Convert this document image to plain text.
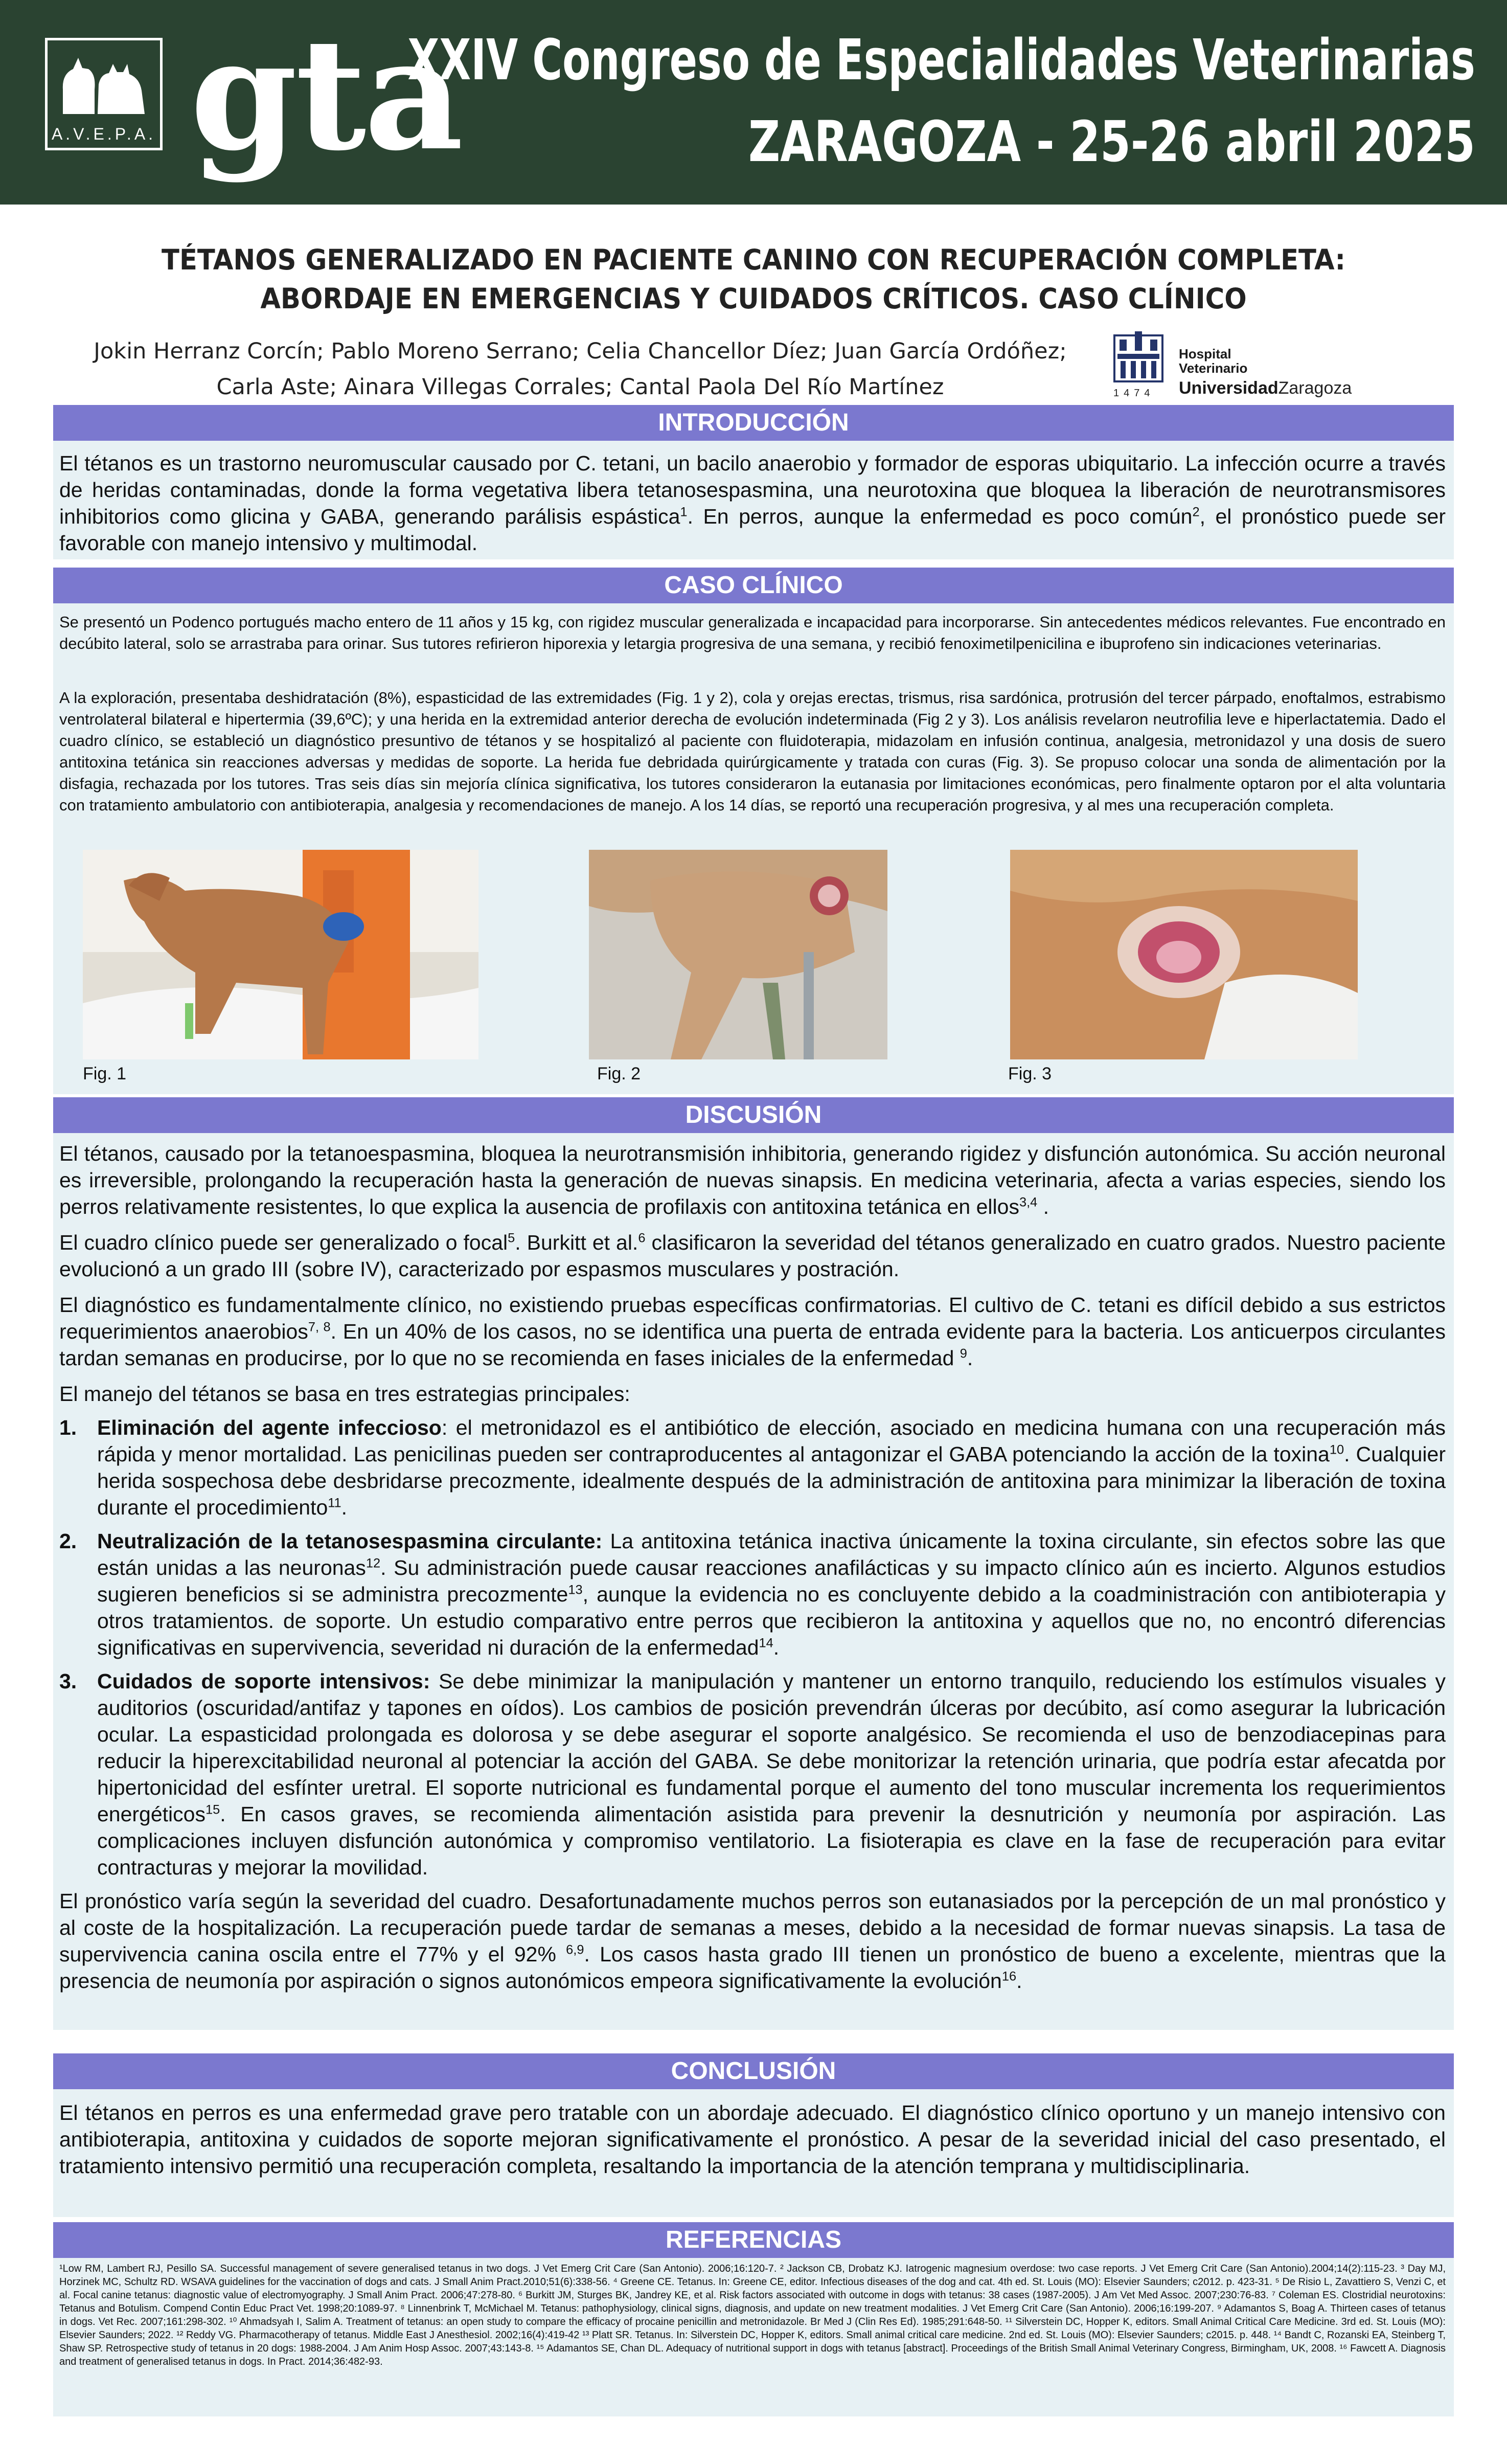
A.V.E.P.A. gta
XXIV Congreso de Especialidades Veterinarias
ZARAGOZA - 25-26 abril 2025
TÉTANOS GENERALIZADO EN PACIENTE CANINO CON RECUPERACIÓN COMPLETA: ABORDAJE EN EMERGENCIAS Y CUIDADOS CRÍTICOS. CASO CLÍNICO
Jokin Herranz Corcín; Pablo Moreno Serrano; Celia Chancellor Díez; Juan García Ordóñez;
Carla Aste; Ainara Villegas Corrales; Cantal Paola Del Río Martínez	1474
Hospital
Veterinario
UniversidadZaragoza
INTRODUCCIÓN
El tétanos es un trastorno neuromuscular causado por C. tetani, un bacilo anaerobio y formador de esporas ubiquitario. La infección ocurre a través de heridas contaminadas, donde la forma vegetativa libera tetanosespasmina, una neurotoxina que bloquea la liberación de neurotransmisores inhibitorios como glicina y GABA, generando parálisis espástica$^1$. En perros, aunque la enfermedad es poco común$^2$, el pronóstico puede ser favorable con manejo intensivo y multimodal.
CASO CLÍNICO
Se presentó un Podenco portugués macho entero de 11 años y 15 kg, con rigidez muscular generalizada e incapacidad para incorporarse. Sin antecedentes médicos relevantes. Fue encontrado en decúbito lateral, solo se arrastraba para orinar. Sus tutores refirieron hiporexia y letargia progresiva de una semana, y recibió fenoximetilpenicilina e ibuprofeno sin indicaciones veterinarias.
A la exploración, presentaba deshidratación (8%), espasticidad de las extremidades (Fig. 1 y 2), cola y orejas erectas, trismus, risa sardónica, protrusión del tercer párpado, enoftalmos, estrabismo ventrolateral bilateral e hipertermia (39,6ºC); y una herida en la extremidad anterior derecha de evolución indeterminada (Fig 2 y 3). Los análisis revelaron neutrofilia leve e hiperlactatemia. Dado el cuadro clínico, se estableció un diagnóstico presuntivo de tétanos y se hospitalizó al paciente con fluidoterapia, midazolam en infusión continua, analgesia, metronidazol y una dosis de suero antitoxina tetánica sin reacciones adversas y medidas de soporte. La herida fue debridada quirúrgicamente y tratada con curas (Fig. 3). Se propuso colocar una sonda de alimentación por la disfagia, rechazada por los tutores. Tras seis días sin mejoría clínica significativa, los tutores consideraron la eutanasia por limitaciones económicas, pero finalmente optaron por el alta voluntaria con tratamiento ambulatorio con antibioterapia, analgesia y recomendaciones de manejo. A los 14 días, se reportó una recuperación progresiva, y al mes una recuperación completa.
Fig. 1	Fig. 2	Fig. 3
DISCUSIÓN

El tétanos, causado por la tetanoespasmina, bloquea la neurotransmisión inhibitoria, generando rigidez y disfunción autonómica. Su acción neuronal es irreversible, prolongando la recuperación hasta la generación de nuevas sinapsis. En medicina veterinaria, afecta a varias especies, siendo los perros relativamente resistentes, lo que explica la ausencia de profilaxis con antitoxina tetánica en ellos$^{3,4}$ .

El cuadro clínico puede ser generalizado o focal$^5$. Burkitt et al.$^6$ clasificaron la severidad del tétanos generalizado en cuatro grados. Nuestro paciente evolucionó a un grado III (sobre IV), caracterizado por espasmos musculares y postración.

El diagnóstico es fundamentalmente clínico, no existiendo pruebas específicas confirmatorias. El cultivo de C. tetani es difícil debido a sus estrictos requerimientos anaerobios$^{7, 8}$. En un 40% de los casos, no se identifica una puerta de entrada evidente para la bacteria. Los anticuerpos circulantes tardan semanas en producirse, por lo que no se recomienda en fases iniciales de la enfermedad $^9$.

El manejo del tétanos se basa en tres estrategias principales:

1. Eliminación del agente infeccioso: el metronidazol es el antibiótico de elección, asociado en medicina humana con una recuperación más rápida y menor mortalidad. Las penicilinas pueden ser contraproducentes al antagonizar el GABA potenciando la acción de la toxina$^{10}$. Cualquier herida sospechosa debe desbridarse precozmente, idealmente después de la administración de antitoxina para minimizar la liberación de toxina durante el procedimiento$^{11}$.
2. Neutralización de la tetanosespasmina circulante: La antitoxina tetánica inactiva únicamente la toxina circulante, sin efectos sobre las que están unidas a las neuronas$^{12}$. Su administración puede causar reacciones anafilácticas y su impacto clínico aún es incierto. Algunos estudios sugieren beneficios si se administra precozmente$^{13}$, aunque la evidencia no es concluyente debido a la coadministración con antibioterapia y otros tratamientos. de soporte. Un estudio comparativo entre perros que recibieron la antitoxina y aquellos que no, no encontró diferencias significativas en supervivencia, severidad ni duración de la enfermedad$^{14}$.
3. Cuidados de soporte intensivos: Se debe minimizar la manipulación y mantener un entorno tranquilo, reduciendo los estímulos visuales y auditorios (oscuridad/antifaz y tapones en oídos). Los cambios de posición prevendrán úlceras por decúbito, así como asegurar la lubricación ocular. La espasticidad prolongada es dolorosa y se debe asegurar el soporte analgésico. Se recomienda el uso de benzodiacepinas para reducir la hiperexcitabilidad neuronal al potenciar la acción del GABA. Se debe monitorizar la retención urinaria, que podría estar afecatda por hipertonicidad del esfínter uretral. El soporte nutricional es fundamental porque el aumento del tono muscular incrementa los requerimientos energéticos$^{15}$. En casos graves, se recomienda alimentación asistida para prevenir la desnutrición y neumonía por aspiración. Las complicaciones incluyen disfunción autonómica y compromiso ventilatorio. La fisioterapia es clave en la fase de recuperación para evitar contracturas y mejorar la movilidad.

El pronóstico varía según la severidad del cuadro. Desafortunadamente muchos perros son eutanasiados por la percepción de un mal pronóstico y al coste de la hospitalización. La recuperación puede tardar de semanas a meses, debido a la necesidad de formar nuevas sinapsis. La tasa de supervivencia canina oscila entre el 77% y el 92% $^{6,9}$. Los casos hasta grado III tienen un pronóstico de bueno a excelente, mientras que la presencia de neumonía por aspiración o signos autonómicos empeora significativamente la evolución$^{16}$.

CONCLUSIÓN
El tétanos en perros es una enfermedad grave pero tratable con un abordaje adecuado. El diagnóstico clínico oportuno y un manejo intensivo con antibioterapia, antitoxina y cuidados de soporte mejoran significativamente el pronóstico. A pesar de la severidad inicial del caso presentado, el tratamiento intensivo permitió una recuperación completa, resaltando la importancia de la atención temprana y multidisciplinaria.
REFERENCIAS
¹Low RM, Lambert RJ, Pesillo SA. Successful management of severe generalised tetanus in two dogs. J Vet Emerg Crit Care (San Antonio). 2006;16:120-7. ² Jackson CB, Drobatz KJ. Iatrogenic magnesium overdose: two case reports. J Vet Emerg Crit Care (San Antonio).2004;14(2):115-23. ³ Day MJ, Horzinek MC, Schultz RD. WSAVA guidelines for the vaccination of dogs and cats. J Small Anim Pract.2010;51(6):338-56. ⁴ Greene CE. Tetanus. In: Greene CE, editor. Infectious diseases of the dog and cat. 4th ed. St. Louis (MO): Elsevier Saunders; c2012. p. 423-31. ⁵ De Risio L, Zavattiero S, Venzi C, et al. Focal canine tetanus: diagnostic value of electromyography. J Small Anim Pract. 2006;47:278-80. ⁶ Burkitt JM, Sturges BK, Jandrey KE, et al. Risk factors associated with outcome in dogs with tetanus: 38 cases (1987-2005). J Am Vet Med Assoc. 2007;230:76-83. ⁷ Coleman ES. Clostridial neurotoxins: Tetanus and Botulism. Compend Contin Educ Pract Vet. 1998;20:1089-97. ⁸ Linnenbrink T, McMichael M. Tetanus: pathophysiology, clinical signs, diagnosis, and update on new treatment modalities. J Vet Emerg Crit Care (San Antonio). 2006;16:199-207. ⁹ Adamantos S, Boag A. Thirteen cases of tetanus in dogs. Vet Rec. 2007;161:298-302. ¹⁰ Ahmadsyah I, Salim A. Treatment of tetanus: an open study to compare the efficacy of procaine penicillin and metronidazole. Br Med J (Clin Res Ed). 1985;291:648-50. ¹¹ Silverstein DC, Hopper K, editors. Small Animal Critical Care Medicine. 3rd ed. St. Louis (MO): Elsevier Saunders; 2022. ¹² Reddy VG. Pharmacotherapy of tetanus. Middle East J Anesthesiol. 2002;16(4):419-42 ¹³ Platt SR. Tetanus. In: Silverstein DC, Hopper K, editors. Small animal critical care medicine. 2nd ed. St. Louis (MO): Elsevier Saunders; c2015. p. 448. ¹⁴ Bandt C, Rozanski EA, Steinberg T, Shaw SP. Retrospective study of tetanus in 20 dogs: 1988-2004. J Am Anim Hosp Assoc. 2007;43:143-8. ¹⁵ Adamantos SE, Chan DL. Adequacy of nutritional support in dogs with tetanus [abstract]. Proceedings of the British Small Animal Veterinary Congress, Birmingham, UK, 2008. ¹⁶ Fawcett A. Diagnosis and treatment of generalised tetanus in dogs. In Pract. 2014;36:482-93.
